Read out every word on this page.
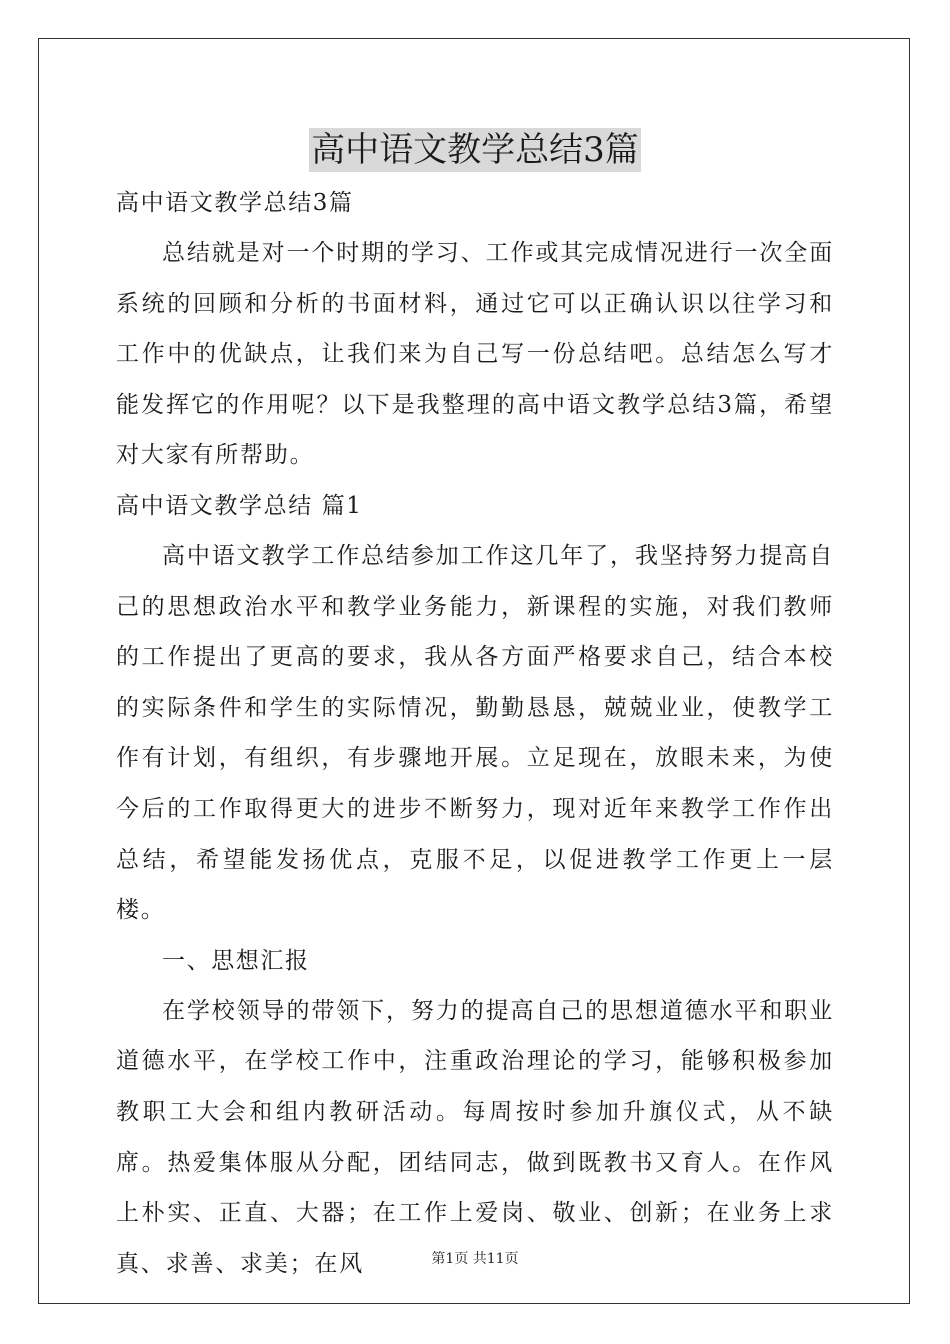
高中语文教学总结3篇

高中语文教学总结3篇

总结就是对一个时期的学习、工作或其完成情况进行一次全面系统的回顾和分析的书面材料，通过它可以正确认识以往学习和工作中的优缺点，让我们来为自己写一份总结吧。总结怎么写才能发挥它的作用呢？以下是我整理的高中语文教学总结3篇，希望对大家有所帮助。

高中语文教学总结 篇1

高中语文教学工作总结参加工作这几年了，我坚持努力提高自己的思想政治水平和教学业务能力，新课程的实施，对我们教师的工作提出了更高的要求，我从各方面严格要求自己，结合本校的实际条件和学生的实际情况，勤勤恳恳，兢兢业业，使教学工作有计划，有组织，有步骤地开展。立足现在，放眼未来，为使今后的工作取得更大的进步不断努力，现对近年来教学工作作出总结，希望能发扬优点，克服不足，以促进教学工作更上一层楼。

一、思想汇报

在学校领导的带领下，努力的提高自己的思想道德水平和职业道德水平，在学校工作中，注重政治理论的学习，能够积极参加教职工大会和组内教研活动。每周按时参加升旗仪式，从不缺席。热爱集体服从分配，团结同志，做到既教书又育人。在作风上朴实、正直、大器；在工作上爱岗、敬业、创新；在业务上求真、求善、求美；在风	第1页 共11页
